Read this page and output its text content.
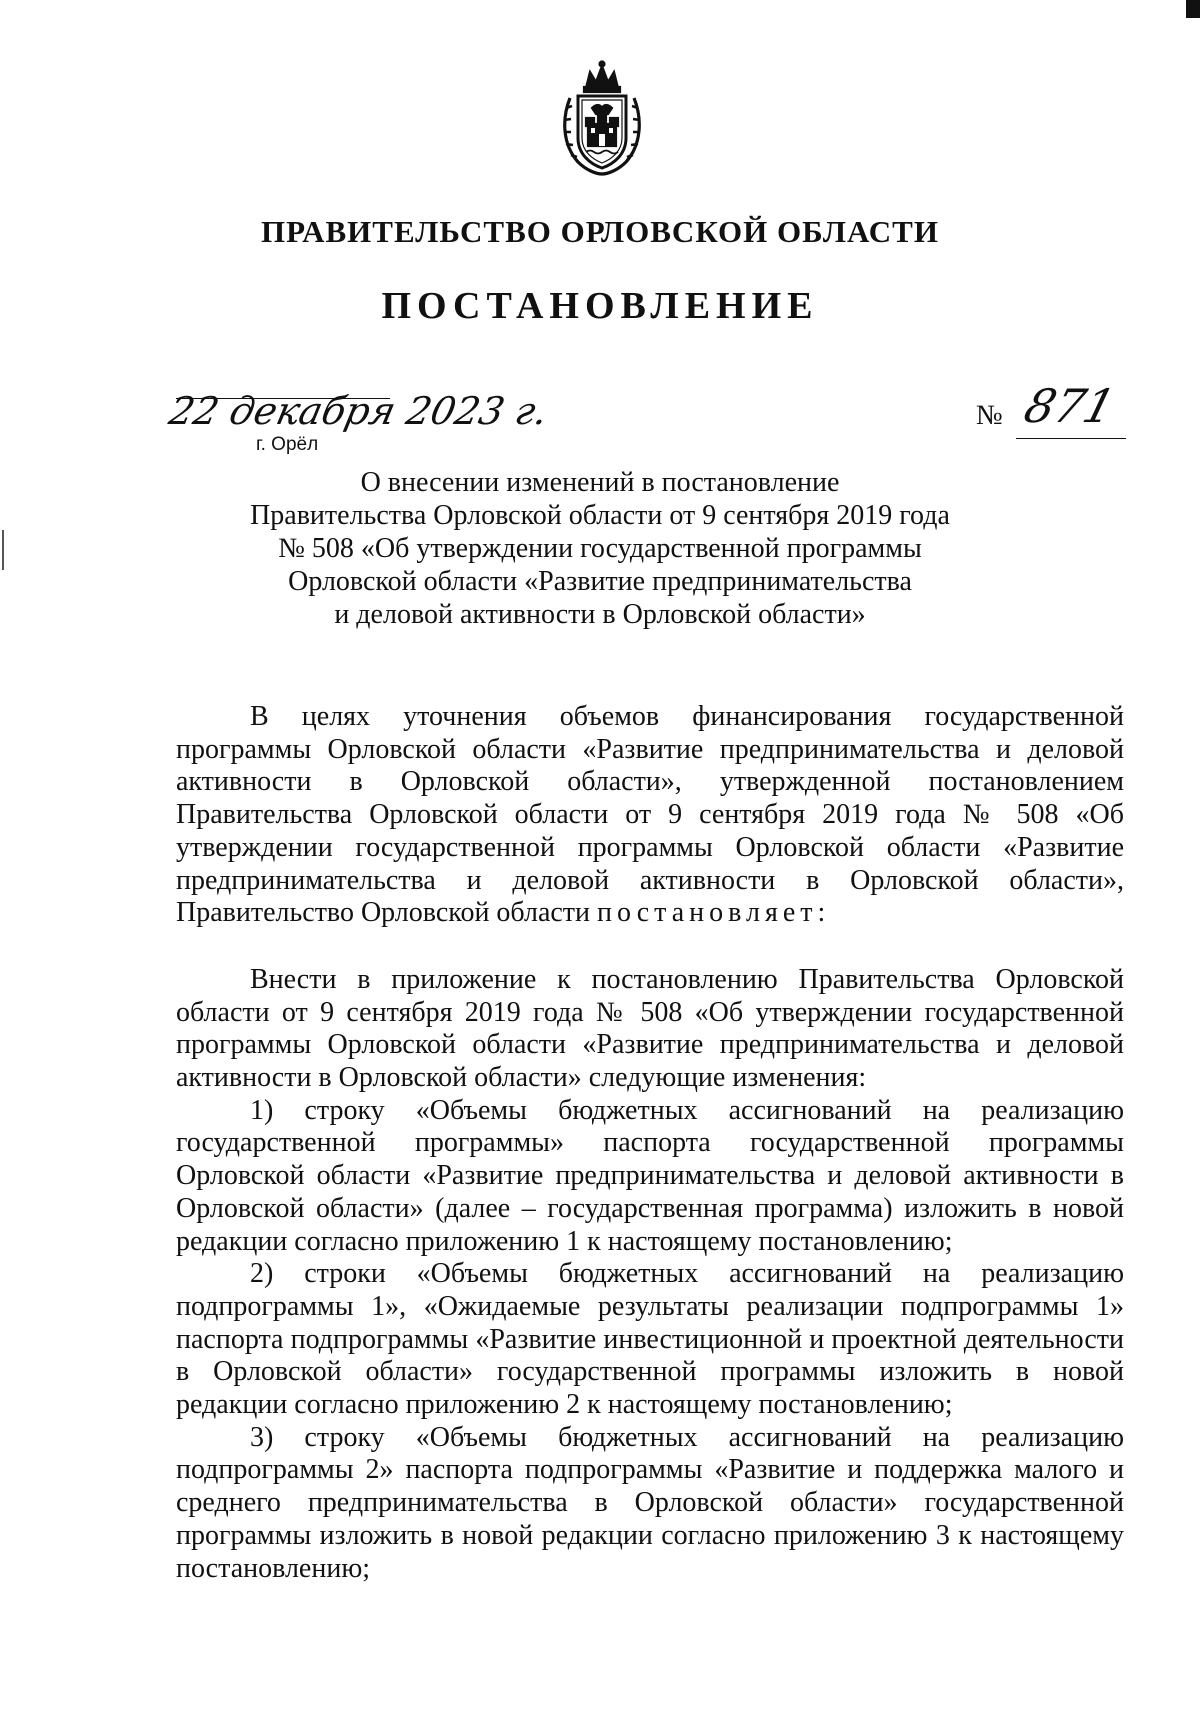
ПРАВИТЕЛЬСТВО ОРЛОВСКОЙ ОБЛАСТИ
ПОСТАНОВЛЕНИЕ
22 декабря 2023 г.
г. Орёл
№ 871
О внесении изменений в постановление
Правительства Орловской области от 9 сентября 2019 года
№ 508 «Об утверждении государственной программы
Орловской области «Развитие предпринимательства
и деловой активности в Орловской области»

В целях уточнения объемов финансирования государственной программы Орловской области «Развитие предпринимательства и деловой активности в Орловской области», утвержденной постановлением Правительства Орловской области от 9 сентября 2019 года № 508 «Об утверждении государственной программы Орловской области «Развитие предпринимательства и деловой активности в Орловской области», Правительство Орловской области постановляет:

Внести в приложение к постановлению Правительства Орловской области от 9 сентября 2019 года № 508 «Об утверждении государственной программы Орловской области «Развитие предпринимательства и деловой активности в Орловской области» следующие изменения:

1) строку «Объемы бюджетных ассигнований на реализацию государственной программы» паспорта государственной программы Орловской области «Развитие предпринимательства и деловой активности в Орловской области» (далее – государственная программа) изложить в новой редакции согласно приложению 1 к настоящему постановлению;

2) строки «Объемы бюджетных ассигнований на реализацию подпрограммы 1», «Ожидаемые результаты реализации подпрограммы 1» паспорта подпрограммы «Развитие инвестиционной и проектной деятельности в Орловской области» государственной программы изложить в новой редакции согласно приложению 2 к настоящему постановлению;

3) строку «Объемы бюджетных ассигнований на реализацию подпрограммы 2» паспорта подпрограммы «Развитие и поддержка малого и среднего предпринимательства в Орловской области» государственной программы изложить в новой редакции согласно приложению 3 к настоящему постановлению;
